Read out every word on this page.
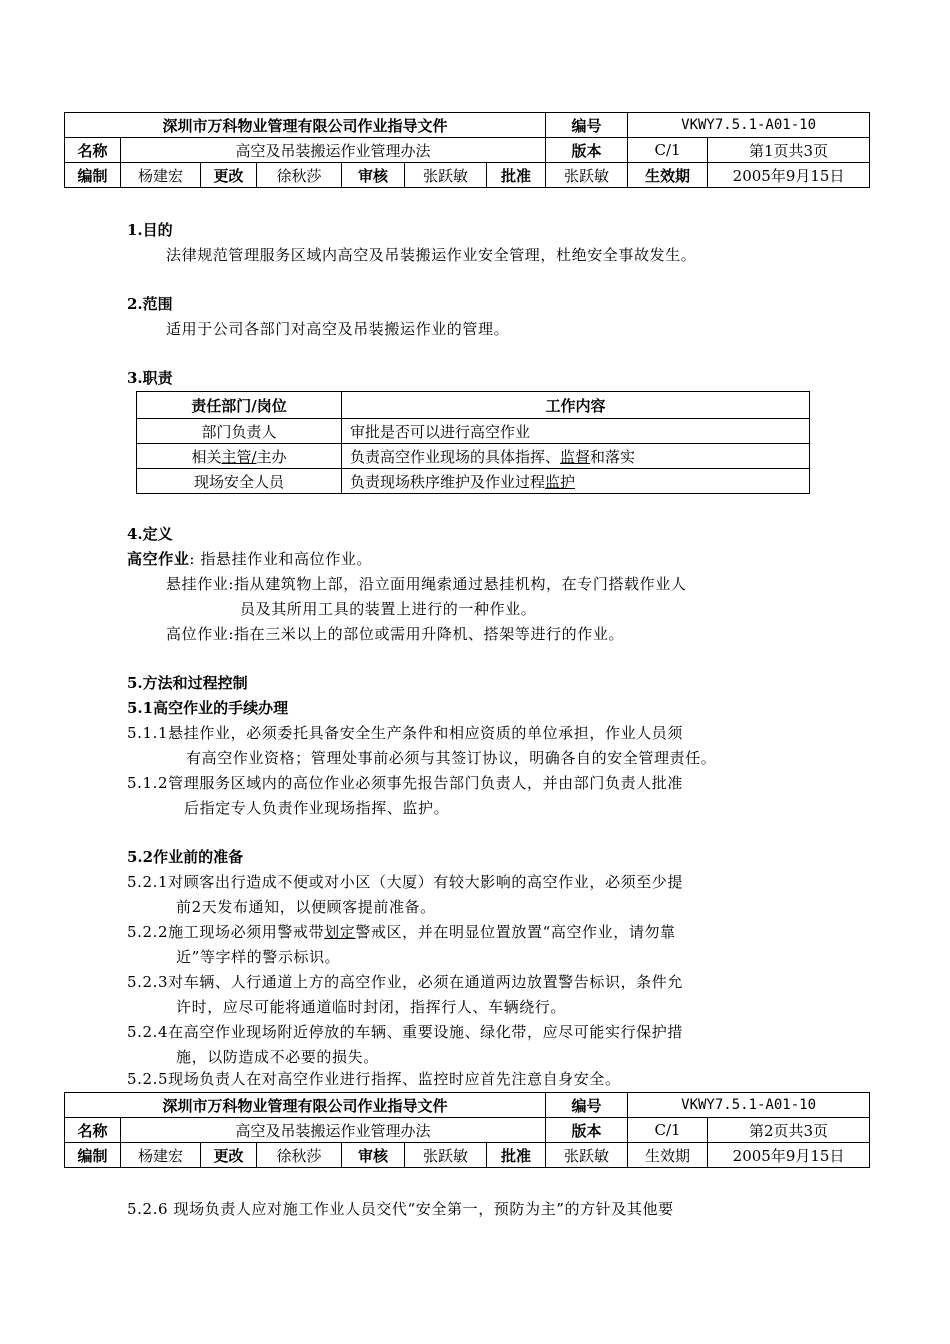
深圳市万科物业管理有限公司作业指导文件							编号	VKWY7.5.1-A01-10	
名称	高空及吊装搬运作业管理办法						版本	C/1	第1页共3页
编制	杨建宏	更改	徐秋莎	审核	张跃敏	批准	张跃敏	生效期	2005年9月15日
1.目的
法律规范管理服务区域内高空及吊装搬运作业安全管理，杜绝安全事故发生。
2.范围
适用于公司各部门对高空及吊装搬运作业的管理。
3.职责
责任部门/岗位	工作内容
部门负责人	审批是否可以进行高空作业
相关主管/主办	负责高空作业现场的具体指挥、监督和落实
现场安全人员	负责现场秩序维护及作业过程监护
4.定义
高空作业: 指悬挂作业和高位作业。
悬挂作业:指从建筑物上部，沿立面用绳索通过悬挂机构，在专门搭载作业人
员及其所用工具的装置上进行的一种作业。
高位作业:指在三米以上的部位或需用升降机、搭架等进行的作业。
5.方法和过程控制
5.1高空作业的手续办理
5.1.1悬挂作业，必须委托具备安全生产条件和相应资质的单位承担，作业人员须
有高空作业资格；管理处事前必须与其签订协议，明确各自的安全管理责任。
5.1.2管理服务区域内的高位作业必须事先报告部门负责人，并由部门负责人批准
后指定专人负责作业现场指挥、监护。
5.2作业前的准备
5.2.1对顾客出行造成不便或对小区（大厦）有较大影响的高空作业，必须至少提
前2天发布通知，以便顾客提前准备。
5.2.2施工现场必须用警戒带划定警戒区，并在明显位置放置“高空作业，请勿靠
近”等字样的警示标识。
5.2.3对车辆、人行通道上方的高空作业，必须在通道两边放置警告标识，条件允
许时，应尽可能将通道临时封闭，指挥行人、车辆绕行。
5.2.4在高空作业现场附近停放的车辆、重要设施、绿化带，应尽可能实行保护措
施，以防造成不必要的损失。
5.2.5现场负责人在对高空作业进行指挥、监控时应首先注意自身安全。
深圳市万科物业管理有限公司作业指导文件							编号	VKWY7.5.1-A01-10	
名称	高空及吊装搬运作业管理办法						版本	C/1	第2页共3页
编制	杨建宏	更改	徐秋莎	审核	张跃敏	批准	张跃敏	生效期	2005年9月15日
5.2.6 现场负责人应对施工作业人员交代“安全第一，预防为主”的方针及其他要
